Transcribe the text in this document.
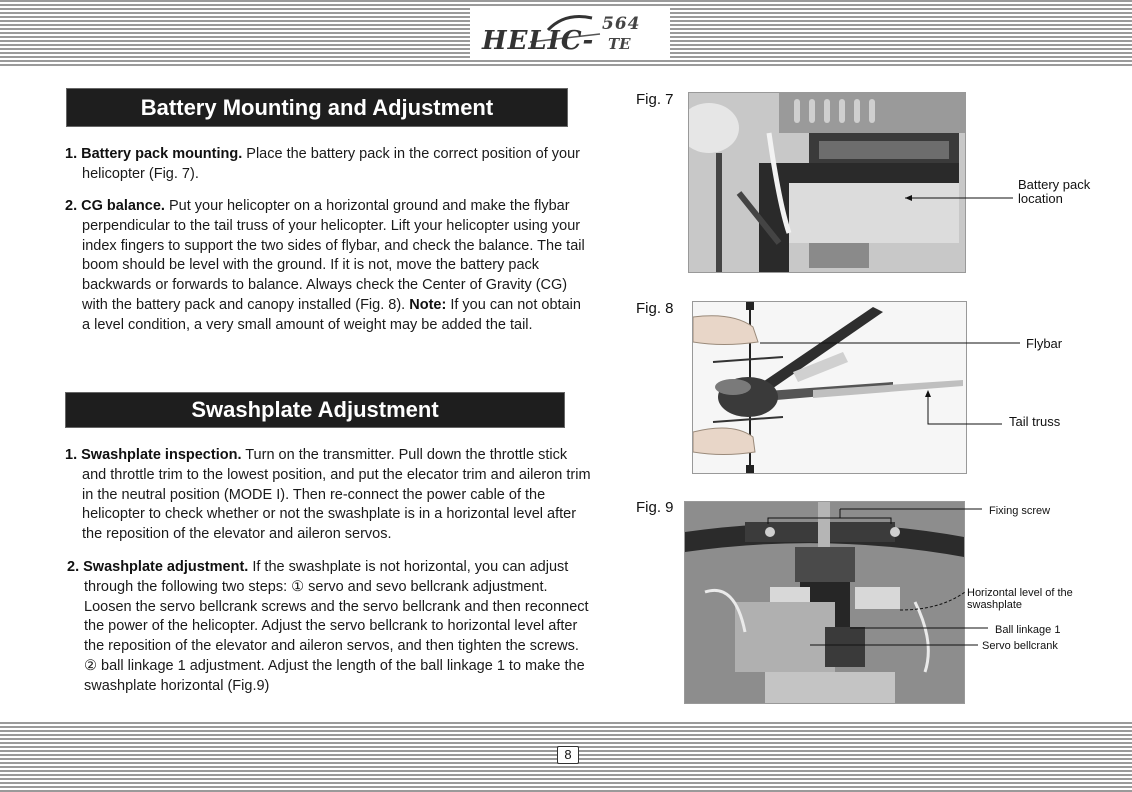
HELIC-
564
TE
Battery Mounting and Adjustment
1. Battery pack mounting. Place the battery pack in the correct position of your helicopter (Fig. 7).
2. CG balance. Put your helicopter on a horizontal ground and make the flybar perpendicular to the tail truss of your helicopter. Lift your helicopter using your index fingers to support the two sides of flybar, and check the balance. The tail boom should be level with the ground. If it is not, move the battery pack backwards or forwards to balance. Always check the Center of Gravity (CG) with the battery pack and canopy installed (Fig. 8). Note: If you can not obtain a level condition, a very small amount of weight may be added the tail.
Swashplate Adjustment
1. Swashplate inspection. Turn on the transmitter. Pull down the throttle stick and throttle trim to the lowest position, and put the elecator trim and aileron trim in the neutral position (MODE I). Then re-connect the power cable of the helicopter to check whether or not the swashplate is in a horizontal level after the reposition of the elevator and aileron servos.
2. Swashplate adjustment. If the swashplate is not horizontal, you can adjust through the following two steps: ① servo and sevo bellcrank adjustment. Loosen the servo bellcrank screws and the servo bellcrank and then reconnect the power of the helicopter. Adjust the servo bellcrank to horizontal level after the reposition of the elevator and aileron servos, and then tighten the screws. ② ball linkage 1 adjustment. Adjust the length of the ball linkage 1 to make the swashplate horizontal (Fig.9)
Fig. 7
Fig. 8
Fig. 9
Battery pack location
Flybar
Tail truss
Fixing screw
Horizontal level of the swashplate
Ball linkage 1
Servo bellcrank
8
